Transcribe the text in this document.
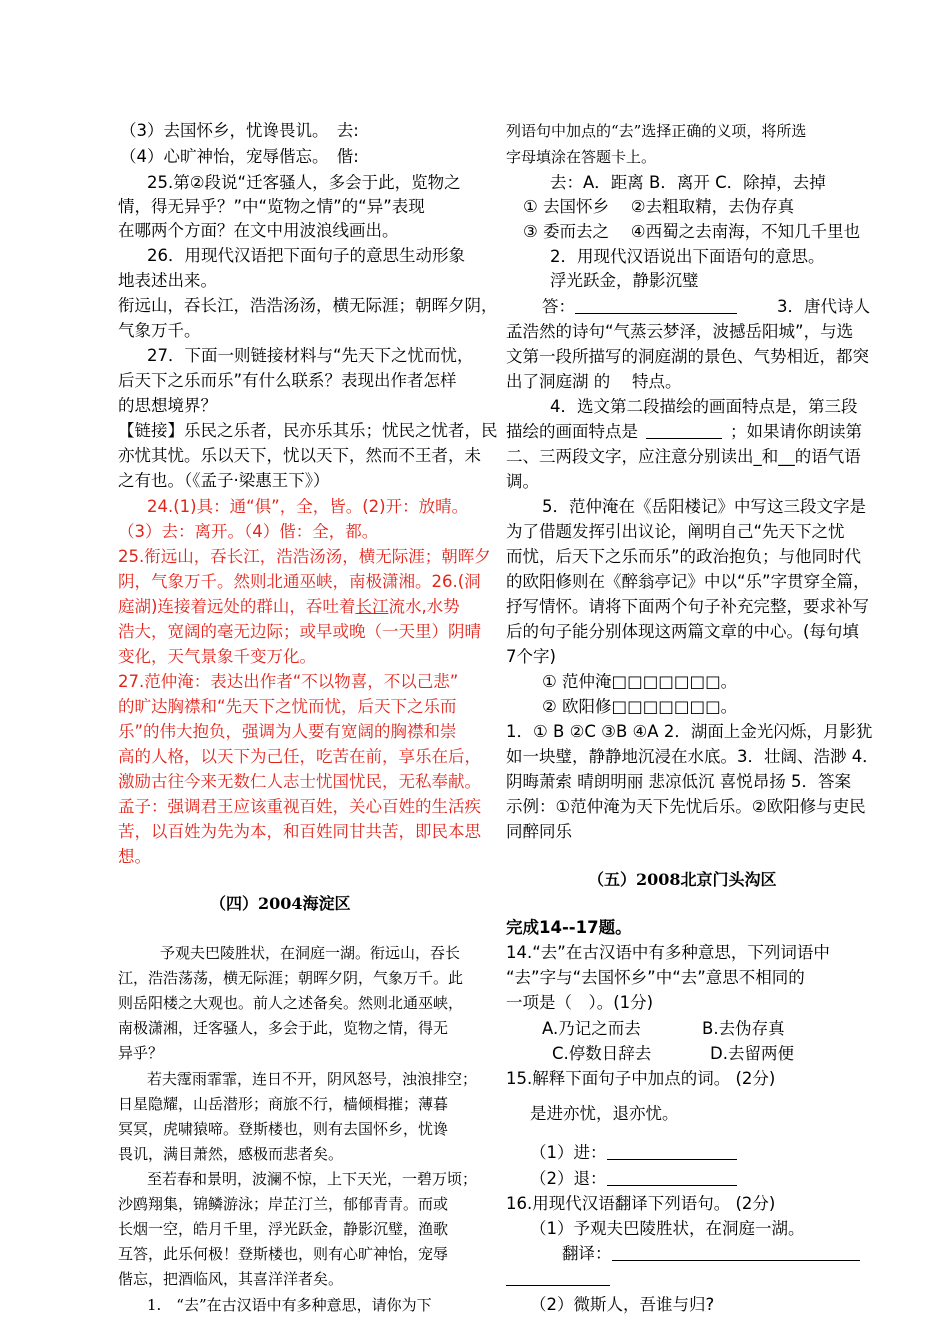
（3）去国怀乡，忧谗畏讥。　去:
（4）心旷神怡，宠辱偕忘。　偕:
25.第②段说“迁客骚人，多会于此，览物之
情，得无异乎？”中“览物之情”的“异”表现
在哪两个方面？在文中用波浪线画出。
26．用现代汉语把下面句子的意思生动形象
地表述出来。
衔远山，吞长江，浩浩汤汤，横无际涯；朝晖夕阴，
气象万千。
27．下面一则链接材料与“先天下之忧而忧，
后天下之乐而乐”有什么联系？表现出作者怎样
的思想境界？
【链接】乐民之乐者，民亦乐其乐；忧民之忧者，民
亦忧其忧。乐以天下，忧以天下，然而不王者，未
之有也。（《孟子·梁惠王下》）
24.(1)具：通“俱”，全，皆。(2)开：放晴。
（3）去：离开。（4）偕：全，都。
25.衔远山，吞长江，浩浩汤汤，横无际涯；朝晖夕
阴，气象万千。然则北通巫峡，南极潇湘。26.(洞
庭湖)连接着远处的群山，吞吐着长江流水,水势
浩大，宽阔的毫无边际；或早或晚（一天里）阴晴
变化，天气景象千变万化。
27.范仲淹：表达出作者“不以物喜，不以己悲”
的旷达胸襟和“先天下之忧而忧，后天下之乐而
乐”的伟大抱负，强调为人要有宽阔的胸襟和崇
高的人格，以天下为己任，吃苦在前，享乐在后，
激励古往今来无数仁人志士忧国忧民，无私奉献。
孟子：强调君王应该重视百姓，关心百姓的生活疾
苦，以百姓为先为本，和百姓同甘共苦，即民本思
想。
（四）2004海淀区
予观夫巴陵胜状，在洞庭一湖。衔远山，吞长
江，浩浩荡荡，横无际涯；朝晖夕阴，气象万千。此
则岳阳楼之大观也。前人之述备矣。然则北通巫峡，
南极潇湘，迁客骚人，多会于此，览物之情，得无
异乎？
若夫霪雨霏霏，连日不开，阴风怒号，浊浪排空；
日星隐耀，山岳潜形；商旅不行，樯倾楫摧；薄暮
冥冥，虎啸猿啼。登斯楼也，则有去国怀乡，忧谗
畏讥，满目萧然，感极而悲者矣。
至若春和景明，波澜不惊，上下天光，一碧万顷；
沙鸥翔集，锦鳞游泳；岸芷汀兰，郁郁青青。而或
长烟一空，皓月千里，浮光跃金，静影沉璧，渔歌
互答，此乐何极！登斯楼也，则有心旷神怡，宠辱
偕忘，把酒临风，其喜洋洋者矣。
1.　“去”在古汉语中有多种意思，请你为下
列语句中加点的“去”选择正确的义项，将所选
字母填涂在答题卡上。
去：A．距离 B．离开 C．除掉，去掉
① 去国怀乡　 ②去粗取精，去伪存真
③ 委而去之　 ④西蜀之去南海，不知几千里也
2．用现代汉语说出下面语句的意思。
浮光跃金，静影沉璧
答：	3．唐代诗人
孟浩然的诗句“气蒸云梦泽，波撼岳阳城”，与选
文第一段所描写的洞庭湖的景色、气势相近，都突
出了洞庭湖 的　 特点。
4．选文第二段描绘的画面特点是，第三段
描绘的画面特点是	；如果请你朗读第
二、三两段文字，应注意分别读出_和__的语气语
调。
5．范仲淹在《岳阳楼记》中写这三段文字是
为了借题发挥引出议论，阐明自己“先天下之忧
而忧，后天下之乐而乐”的政治抱负；与他同时代
的欧阳修则在《醉翁亭记》中以“乐”字贯穿全篇，
抒写情怀。请将下面两个句子补充完整，要求补写
后的句子能分别体现这两篇文章的中心。(每句填
7个字)
① 范仲淹□□□□□□□。
② 欧阳修□□□□□□□。
1．① B ②C ③B ④A 2．湖面上金光闪烁，月影犹
如一块璧，静静地沉浸在水底。3．壮阔、浩渺 4．
阴晦萧索 晴朗明丽 悲凉低沉 喜悦昂扬 5．答案
示例：①范仲淹为天下先忧后乐。②欧阳修与吏民
同醉同乐
（五）2008北京门头沟区
完成14--17题。
14.“去”在古汉语中有多种意思，下列词语中
“去”字与“去国怀乡”中“去”意思不相同的
一项是（　）。(1分)
A.乃记之而去	B.去伪存真
C.停数日辞去	D.去留两便
15.解释下面句子中加点的词。 (2分)
是进亦忧，退亦忧。
（1）进：
（2）退：
16.用现代汉语翻译下列语句。 (2分)
（1）予观夫巴陵胜状，在洞庭一湖。
翻译：
（2）微斯人，吾谁与归?
